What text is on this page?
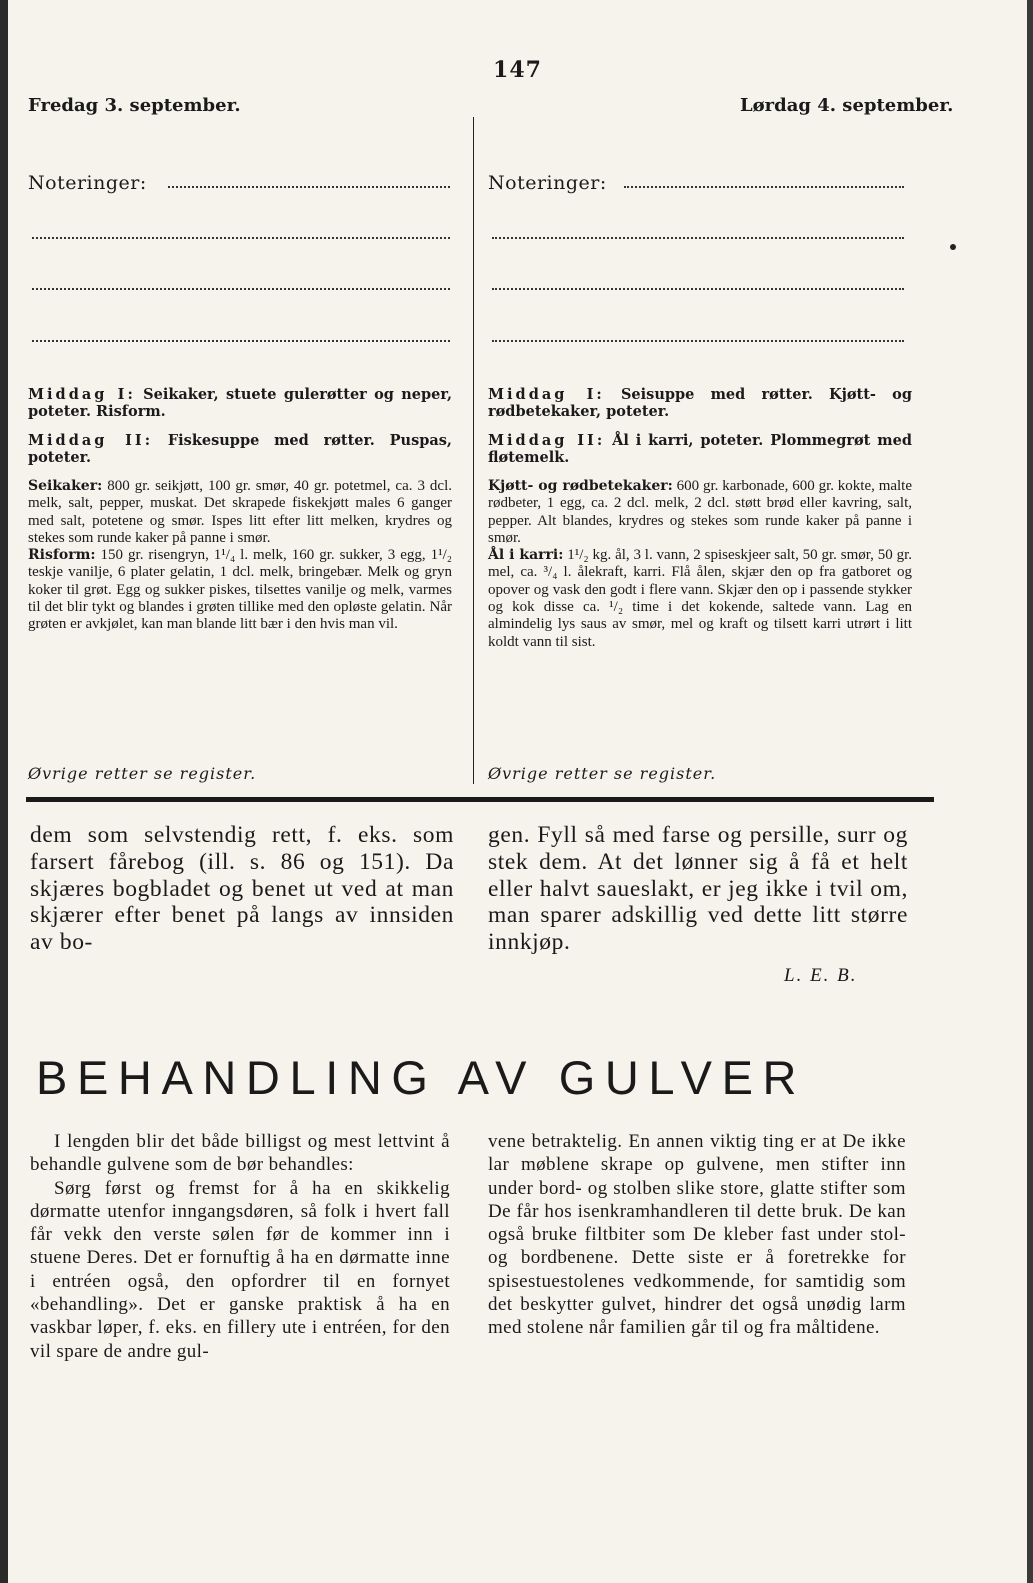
147
Fredag 3. september.
Noteringer:
Middag I: Seikaker, stuete gulerøtter og neper, poteter. Risform.
Middag II: Fiskesuppe med røtter. Puspas, poteter.

Seikaker: 800 gr. seikjøtt, 100 gr. smør, 40 gr. potetmel, ca. 3 dcl. melk, salt, pepper, muskat. Det skrapede fiskekjøtt males 6 ganger med salt, potetene og smør. Ispes litt efter litt melken, krydres og stekes som runde kaker på panne i smør.

Risform: 150 gr. risengryn, 1¹/₄ l. melk, 160 gr. sukker, 3 egg, 1¹/₂ teskje vanilje, 6 plater gelatin, 1 dcl. melk, bringebær. Melk og gryn koker til grøt. Egg og sukker piskes, tilsettes vanilje og melk, varmes til det blir tykt og blandes i grøten tillike med den opløste gelatin. Når grøten er avkjølet, kan man blande litt bær i den hvis man vil.

Øvrige retter se register.
Lørdag 4. september.
Noteringer:
Middag I: Seisuppe med røtter. Kjøtt- og rødbetekaker, poteter.
Middag II: Ål i karri, poteter. Plommegrøt med fløtemelk.

Kjøtt- og rødbetekaker: 600 gr. karbonade, 600 gr. kokte, malte rødbeter, 1 egg, ca. 2 dcl. melk, 2 dcl. støtt brød eller kavring, salt, pepper. Alt blandes, krydres og stekes som runde kaker på panne i smør.

Ål i karri: 1¹/₂ kg. ål, 3 l. vann, 2 spiseskjeer salt, 50 gr. smør, 50 gr. mel, ca. ³/₄ l. ålekraft, karri. Flå ålen, skjær den op fra gatboret og opover og vask den godt i flere vann. Skjær den op i passende stykker og kok disse ca. ¹/₂ time i det kokende, saltede vann. Lag en almindelig lys saus av smør, mel og kraft og tilsett karri utrørt i litt koldt vann til sist.

Øvrige retter se register.
dem som selvstendig rett, f. eks. som farsert fårebog (ill. s. 86 og 151). Da skjæres bogbladet og benet ut ved at man skjærer efter benet på langs av innsiden av bo-
gen. Fyll så med farse og persille, surr og stek dem. At det lønner sig å få et helt eller halvt saueslakt, er jeg ikke i tvil om, man sparer adskillig ved dette litt større innkjøp.
L. E. B.
BEHANDLING AV GULVER

I lengden blir det både billigst og mest lettvint å behandle gulvene som de bør behandles:

Sørg først og fremst for å ha en skikkelig dørmatte utenfor inngangsdøren, så folk i hvert fall får vekk den verste sølen før de kommer inn i stuene Deres. Det er fornuftig å ha en dørmatte inne i entréen også, den opfordrer til en fornyet «behandling». Det er ganske praktisk å ha en vaskbar løper, f. eks. en fillery ute i entréen, for den vil spare de andre gul-

vene betraktelig. En annen viktig ting er at De ikke lar møblene skrape op gulvene, men stifter inn under bord- og stolben slike store, glatte stifter som De får hos isenkramhandleren til dette bruk. De kan også bruke filtbiter som De kleber fast under stol- og bordbenene. Dette siste er å foretrekke for spisestuestolenes vedkommende, for samtidig som det beskytter gulvet, hindrer det også unødig larm med stolene når familien går til og fra måltidene.
